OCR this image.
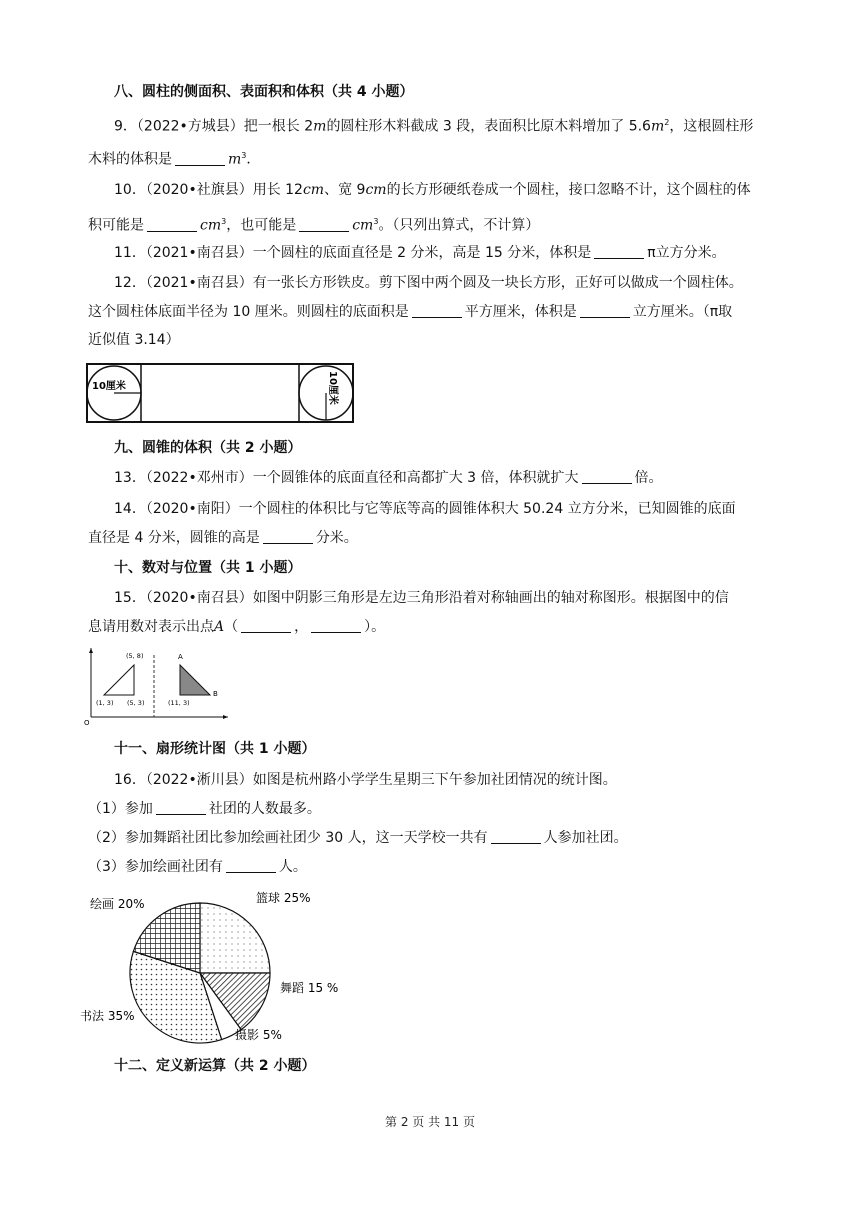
八、圆柱的侧面积、表面积和体积（共 4 小题）
9．（2022•方城县）把一根长 2m的圆柱形木料截成 3 段，表面积比原木料增加了 $5.6m^2$，这根圆柱形
木料的体积是	$m^3$．
10．（2020•社旗县）用长 12cm、宽 9cm的长方形硬纸卷成一个圆柱，接口忽略不计，这个圆柱的体
积可能是	$cm^3$，也可能是	$cm^3$。（只列出算式，不计算）
11．（2021•南召县）一个圆柱的底面直径是 2 分米，高是 15 分米，体积是	π立方分米。
12．（2021•南召县）有一张长方形铁皮。剪下图中两个圆及一块长方形，正好可以做成一个圆柱体。
这个圆柱体底面半径为 10 厘米。则圆柱的底面积是	平方厘米，体积是	立方厘米。（π取
近似值 3.14）
10厘米	10厘米
九、圆锥的体积（共 2 小题）
13．（2022•邓州市）一个圆锥体的底面直径和高都扩大 3 倍，体积就扩大	倍。
14．（2020•南阳）一个圆柱的体积比与它等底等高的圆锥体积大 50.24 立方分米，已知圆锥的底面
直径是 4 分米，圆锥的高是	分米。
十、数对与位置（共 1 小题）
15．（2020•南召县）如图中阴影三角形是左边三角形沿着对称轴画出的轴对称图形。根据图中的信
息请用数对表示出点A（	，	）。
(5, 8)
(1, 3) (5, 3)	(11, 3)
A
B
O
十一、扇形统计图（共 1 小题）
16．（2022•淅川县）如图是杭州路小学学生星期三下午参加社团情况的统计图。
（1）参加	社团的人数最多。
（2）参加舞蹈社团比参加绘画社团少 30 人，这一天学校一共有	人参加社团。
（3）参加绘画社团有	人。
篮球 25%
舞蹈 15 %
摄影 5%
书法 35%
绘画 20%
十二、定义新运算（共 2 小题）
第 2 页 共 11 页
